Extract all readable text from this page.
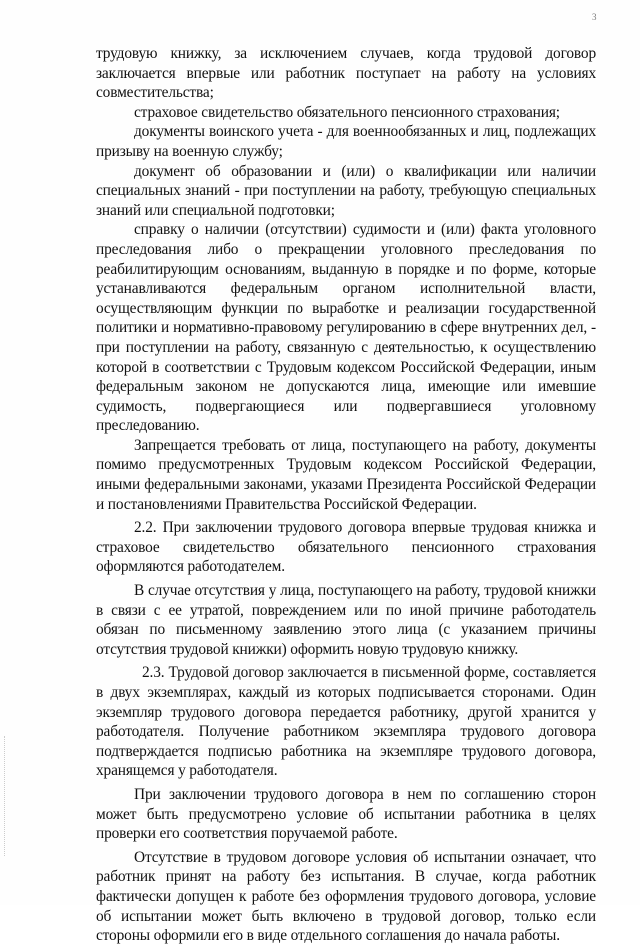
3

трудовую книжку, за исключением случаев, когда трудовой договор заключается впервые или работник поступает на работу на условиях совместительства;

страховое свидетельство обязательного пенсионного страхования;

документы воинского учета - для военнообязанных и лиц, подлежащих призыву на военную службу;

документ об образовании и (или) о квалификации или наличии специальных знаний - при поступлении на работу, требующую специальных знаний или специальной подготовки;

справку о наличии (отсутствии) судимости и (или) факта уголовного преследования либо о прекращении уголовного преследования по реабилитирующим основаниям, выданную в порядке и по форме, которые устанавливаются федеральным органом исполнительной власти, осуществляющим функции по выработке и реализации государственной политики и нормативно-правовому регулированию в сфере внутренних дел, - при поступлении на работу, связанную с деятельностью, к осуществлению которой в соответствии с Трудовым кодексом Российской Федерации, иным федеральным законом не допускаются лица, имеющие или имевшие судимость, подвергающиеся или подвергавшиеся уголовному преследованию.

Запрещается требовать от лица, поступающего на работу, документы помимо предусмотренных Трудовым кодексом Российской Федерации, иными федеральными законами, указами Президента Российской Федерации и постановлениями Правительства Российской Федерации.

2.2. При заключении трудового договора впервые трудовая книжка и страховое свидетельство обязательного пенсионного страхования оформляются работодателем.

В случае отсутствия у лица, поступающего на работу, трудовой книжки в связи с ее утратой, повреждением или по иной причине работодатель обязан по письменному заявлению этого лица (с указанием причины отсутствия трудовой книжки) оформить новую трудовую книжку.

2.3. Трудовой договор заключается в письменной форме, составляется в двух экземплярах, каждый из которых подписывается сторонами. Один экземпляр трудового договора передается работнику, другой хранится у работодателя. Получение работником экземпляра трудового договора подтверждается подписью работника на экземпляре трудового договора, хранящемся у работодателя.

При заключении трудового договора в нем по соглашению сторон может быть предусмотрено условие об испытании работника в целях проверки его соответствия поручаемой работе.

Отсутствие в трудовом договоре условия об испытании означает, что работник принят на работу без испытания. В случае, когда работник фактически допущен к работе без оформления трудового договора, условие об испытании может быть включено в трудовой договор, только если стороны оформили его в виде отдельного соглашения до начала работы.
